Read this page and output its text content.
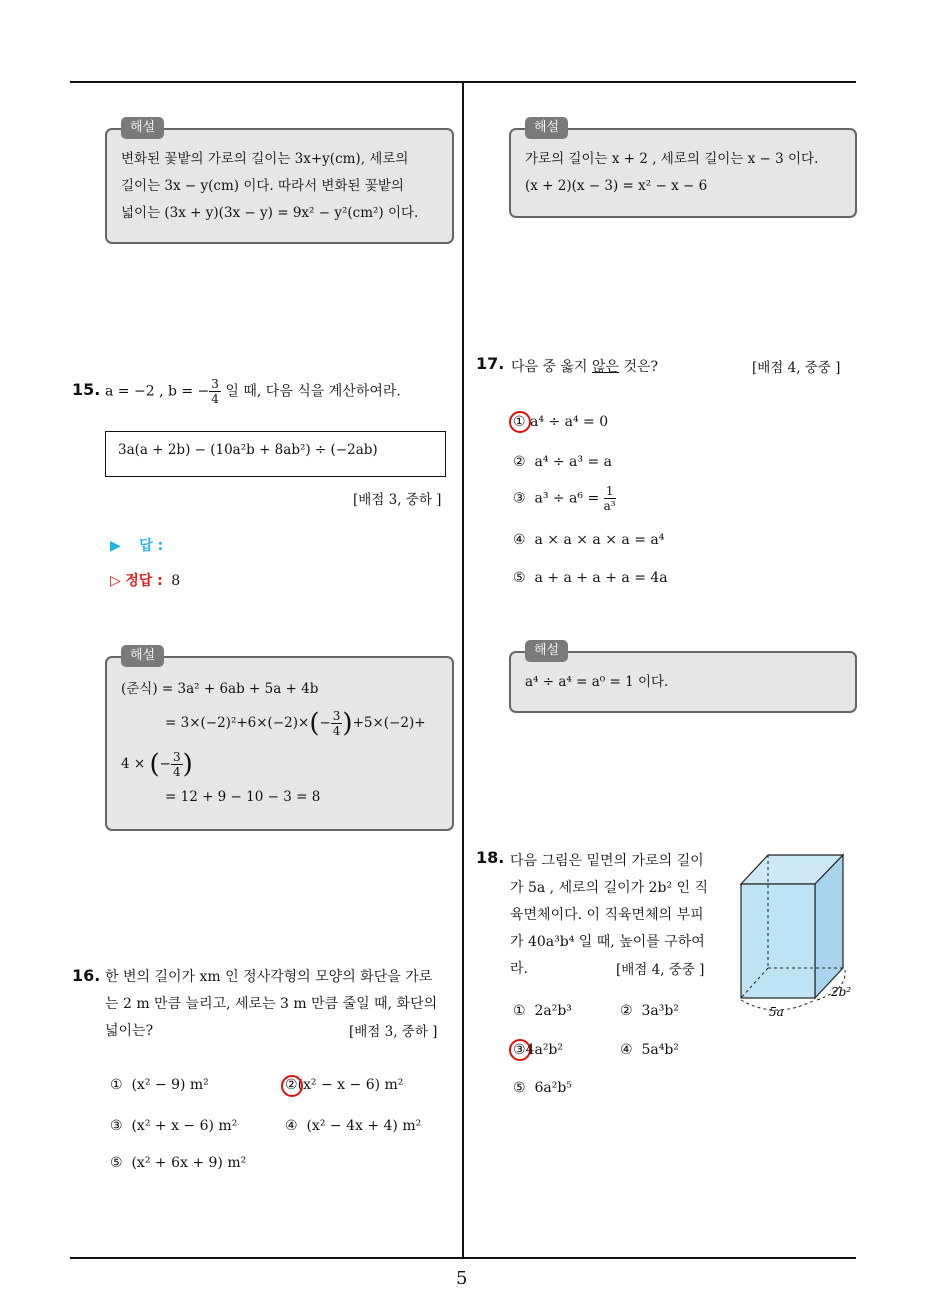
5
해설
변화된 꽃밭의 가로의 길이는 3x+y(cm), 세로의
길이는 3x − y(cm) 이다. 따라서 변화된 꽃밭의
넓이는 (3x + y)(3x − y) = 9x² − y²(cm²) 이다.
15. a = −2 , b = − $\frac{3}{4}$ 일 때, 다음 식을 계산하여라.
3a(a + 2b) − (10a²b + 8ab²) ÷ (−2ab)
[배점 3, 중하 ]
▶ 답 :
▷ 정답 : 8
해설
(준식) = 3a² + 6ab + 5a + 4b
= $3\times(-2)^2+6\times(-2)\times(- \frac{3}{4} )+5\times(-2)+$
4 × (− $\frac{3}{4}$ )
= 12 + 9 − 10 − 3 = 8
16. 한 변의 길이가 xm 인 정사각형의 모양의 화단을 가로
는 2 m 만큼 늘리고, 세로는 3 m 만큼 줄일 때, 화단의
넓이는?	[배점 3, 중하 ]
① (x² − 9) m²	②(x² − x − 6) m²
③ (x² + x − 6) m²	④ (x² − 4x + 4) m²
⑤ (x² + 6x + 9) m²
해설
가로의 길이는 x + 2 , 세로의 길이는 x − 3 이다.
(x + 2)(x − 3) = x² − x − 6
17. 다음 중 옳지 않은 것은?	[배점 4, 중중 ]
① a⁴ ÷ a⁴ = 0
② a⁴ ÷ a³ = a
③ $a^3 \div a^6 = \frac{1}{\text{a³}}$
④ a × a × a × a = a⁴
⑤ a + a + a + a = 4a
해설
a⁴ ÷ a⁴ = a⁰ = 1 이다.
18. 다음 그림은 밑면의 가로의 길이
가 5a , 세로의 길이가 2b² 인 직
육면체이다. 이 직육면체의 부피
가 40a³b⁴ 일 때, 높이를 구하여
라.	[배점 4, 중중 ]
5a
2b²
① 2a²b³	② 3a³b²
③4a²b²	④ 5a⁴b²
⑤ 6a²b⁵
